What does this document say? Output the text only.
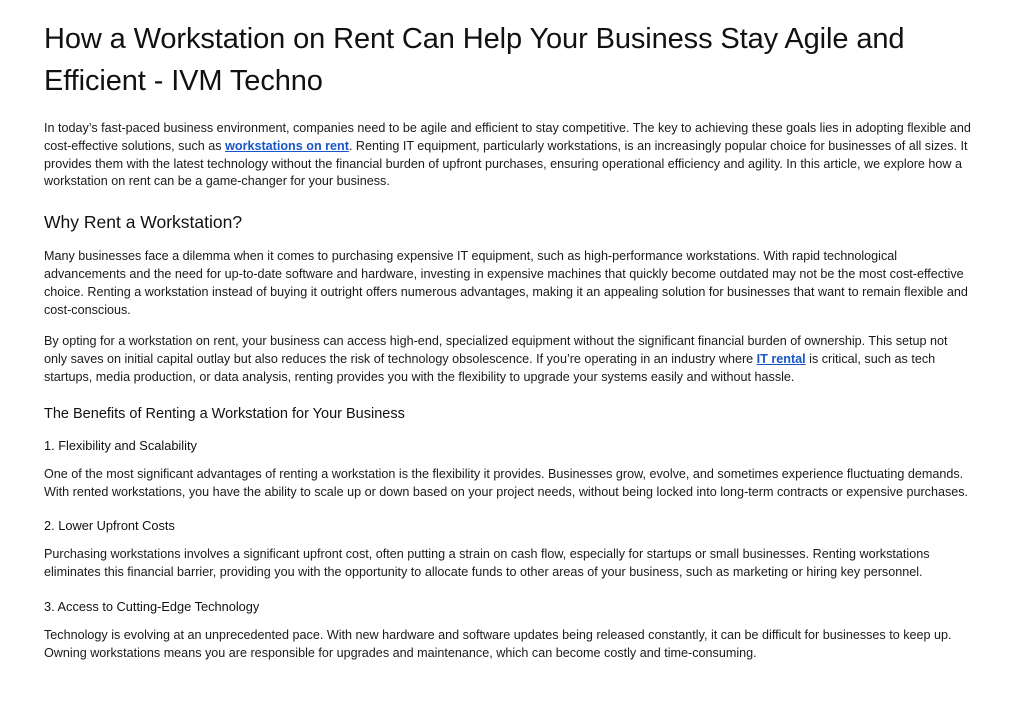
How a Workstation on Rent Can Help Your Business Stay Agile and Efficient - IVM Techno

In today’s fast-paced business environment, companies need to be agile and efficient to stay competitive. The key to achieving these goals lies in adopting flexible and cost-effective solutions, such as workstations on rent. Renting IT equipment, particularly workstations, is an increasingly popular choice for businesses of all sizes. It provides them with the latest technology without the financial burden of upfront purchases, ensuring operational efficiency and agility. In this article, we explore how a workstation on rent can be a game-changer for your business.

Why Rent a Workstation?

Many businesses face a dilemma when it comes to purchasing expensive IT equipment, such as high-performance workstations. With rapid technological advancements and the need for up-to-date software and hardware, investing in expensive machines that quickly become outdated may not be the most cost-effective choice. Renting a workstation instead of buying it outright offers numerous advantages, making it an appealing solution for businesses that want to remain flexible and cost-conscious.

By opting for a workstation on rent, your business can access high-end, specialized equipment without the significant financial burden of ownership. This setup not only saves on initial capital outlay but also reduces the risk of technology obsolescence. If you’re operating in an industry where IT rental is critical, such as tech startups, media production, or data analysis, renting provides you with the flexibility to upgrade your systems easily and without hassle.

The Benefits of Renting a Workstation for Your Business
1. Flexibility and Scalability

One of the most significant advantages of renting a workstation is the flexibility it provides. Businesses grow, evolve, and sometimes experience fluctuating demands. With rented workstations, you have the ability to scale up or down based on your project needs, without being locked into long-term contracts or expensive purchases.

2. Lower Upfront Costs

Purchasing workstations involves a significant upfront cost, often putting a strain on cash flow, especially for startups or small businesses. Renting workstations eliminates this financial barrier, providing you with the opportunity to allocate funds to other areas of your business, such as marketing or hiring key personnel.

3. Access to Cutting-Edge Technology

Technology is evolving at an unprecedented pace. With new hardware and software updates being released constantly, it can be difficult for businesses to keep up. Owning workstations means you are responsible for upgrades and maintenance, which can become costly and time-consuming.
